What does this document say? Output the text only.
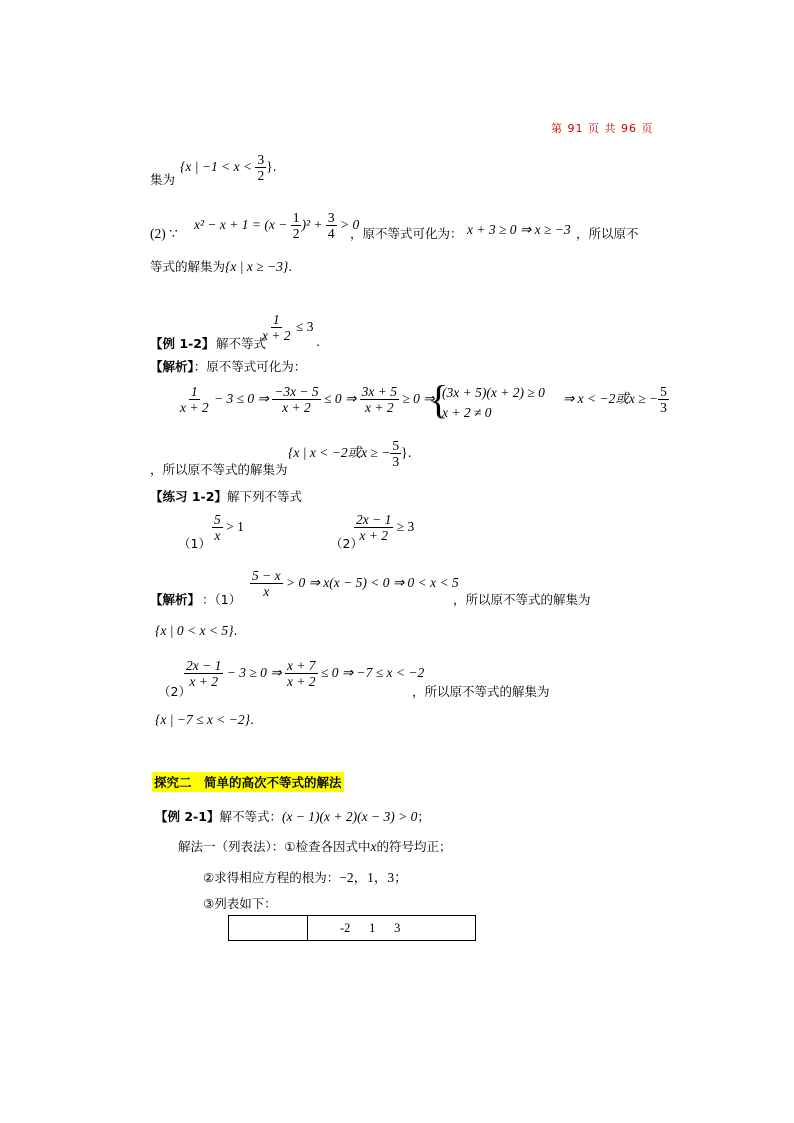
第 91 页 共 96 页
集为
{x | $-1 < x < \frac{3}{2}$ }.
(2) ∵
$x^2 - x + 1 = (x - \frac{1}{2} )^2 + \frac{3}{4} > 0$
，原不等式可化为： x + 3 ≥ 0 ⇒ x ≥ −3 ，所以原不
等式的解集为{x | x ≥ −3}.
【例 1-2】 解不等式
$\frac{1}{x + 2} \le 3$
.
【解析】：原不等式可化为：
$\frac{1}{x + 2} - 3 \le 0$ ⇒ $\frac{-3x - 5}{x + 2} \le 0$ ⇒ $\frac{3x + 5}{x + 2} \ge 0$ ⇒
{
(3x + 5)(x + 2) ≥ 0
x + 2 ≠ 0
⇒ x < −2或x ≥ − $\frac{5}{3}$
，所以原不等式的解集为
{x | x < −2或x ≥ − $\frac{5}{3}$ }.
【练习 1-2】解下列不等式
（1）
$\frac{5}{x} > 1$
（2）
$\frac{2x - 1}{x + 2} \ge 3$
【解析】 ：（1）
$\frac{5 - x}{x} > 0$ ⇒ x(x − 5) < 0 ⇒ 0 < x < 5
，所以原不等式的解集为
{x | 0 < x < 5}.
（2）
$\frac{2x - 1}{x + 2} - 3 \ge 0$ ⇒ $\frac{x + 7}{x + 2} \le 0$ ⇒ −7 ≤ x < −2
，所以原不等式的解集为
{x | −7 ≤ x < −2}.
探究二　简单的高次不等式的解法
【例 2-1】解不等式：(x − 1)(x + 2)(x − 3) > 0；
解法一（列表法）：①检查各因式中x的符号均正；
②求得相应方程的根为：−2，1，3；
③列表如下：
	-2      1      3
